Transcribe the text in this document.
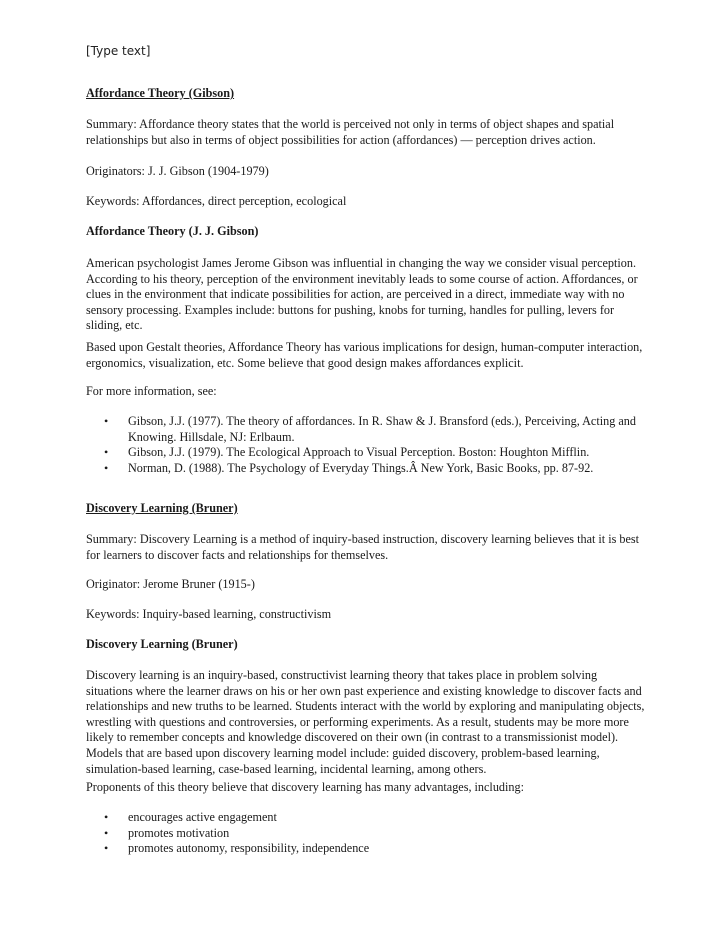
[Type text]

Affordance Theory (Gibson)

Summary: Affordance theory states that the world is perceived not only in terms of object shapes and spatial relationships but also in terms of object possibilities for action (affordances) — perception drives action.

Originators: J. J. Gibson (1904-1979)

Keywords: Affordances, direct perception, ecological

Affordance Theory (J. J. Gibson)

American psychologist James Jerome Gibson was influential in changing the way we consider visual perception. According to his theory, perception of the environment inevitably leads to some course of action. Affordances, or clues in the environment that indicate possibilities for action, are perceived in a direct, immediate way with no sensory processing. Examples include: buttons for pushing, knobs for turning, handles for pulling, levers for sliding, etc.

Based upon Gestalt theories, Affordance Theory has various implications for design, human-computer interaction, ergonomics, visualization, etc. Some believe that good design makes affordances explicit.

For more information, see:

• Gibson, J.J. (1977). The theory of affordances. In R. Shaw & J. Bransford (eds.), Perceiving, Acting and Knowing. Hillsdale, NJ: Erlbaum.
• Gibson, J.J. (1979). The Ecological Approach to Visual Perception. Boston: Houghton Mifflin.
• Norman, D. (1988). The Psychology of Everyday Things.Â New York, Basic Books, pp. 87-92.

Discovery Learning (Bruner)

Summary: Discovery Learning is a method of inquiry-based instruction, discovery learning believes that it is best for learners to discover facts and relationships for themselves.

Originator: Jerome Bruner (1915-)

Keywords: Inquiry-based learning, constructivism

Discovery Learning (Bruner)

Discovery learning is an inquiry-based, constructivist learning theory that takes place in problem solving situations where the learner draws on his or her own past experience and existing knowledge to discover facts and relationships and new truths to be learned. Students interact with the world by exploring and manipulating objects, wrestling with questions and controversies, or performing experiments. As a result, students may be more more likely to remember concepts and knowledge discovered on their own (in contrast to a transmissionist model). Models that are based upon discovery learning model include: guided discovery, problem-based learning, simulation-based learning, case-based learning, incidental learning, among others.

Proponents of this theory believe that discovery learning has many advantages, including:

• encourages active engagement
• promotes motivation
• promotes autonomy, responsibility, independence
